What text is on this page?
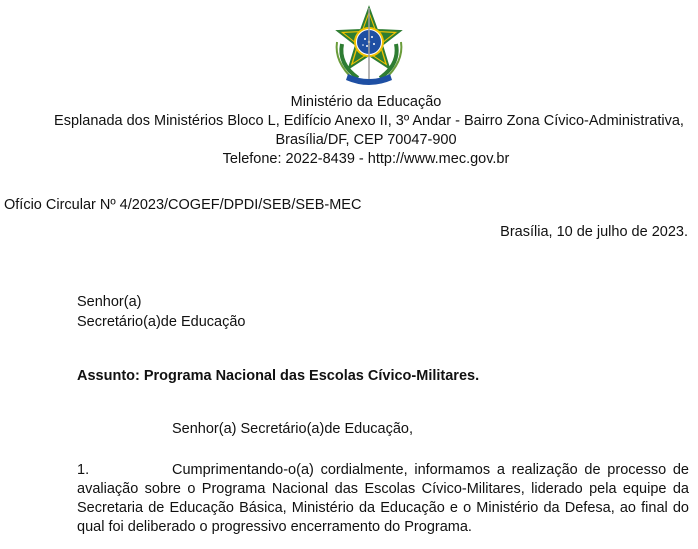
Ministério da Educação
Esplanada dos Ministérios Bloco L, Edifício Anexo II, 3º Andar - Bairro Zona Cívico-Administrativa,
Brasília/DF, CEP 70047-900
Telefone: 2022-8439 - http://www.mec.gov.br
Ofício Circular Nº 4/2023/COGEF/DPDI/SEB/SEB-MEC
Brasília, 10 de julho de 2023.
Senhor(a)
Secretário(a)de Educação
Assunto: Programa Nacional das Escolas Cívico-Militares.
Senhor(a) Secretário(a)de Educação,
1.	Cumprimentando-o(a) cordialmente, informamos a realização de processo de
avaliação sobre o Programa Nacional das Escolas Cívico-Militares, liderado pela equipe da
Secretaria de Educação Básica, Ministério da Educação e o Ministério da Defesa, ao final do
qual foi deliberado o progressivo encerramento do Programa.
